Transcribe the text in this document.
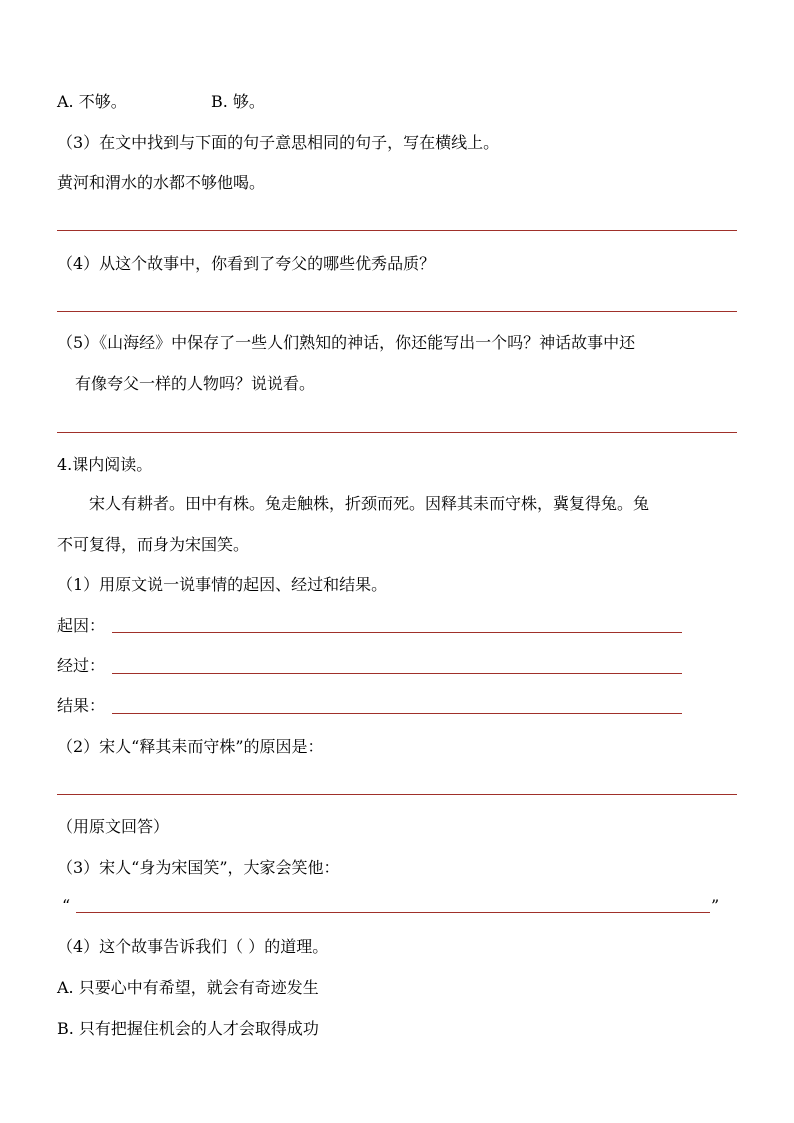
A. 不够。	B. 够。
（3）在文中找到与下面的句子意思相同的句子，写在横线上。
黄河和渭水的水都不够他喝。
（4）从这个故事中，你看到了夸父的哪些优秀品质？
（5）《山海经》中保存了一些人们熟知的神话，你还能写出一个吗？神话故事中还
有像夸父一样的人物吗？说说看。
4.课内阅读。
宋人有耕者。田中有株。兔走触株，折颈而死。因释其耒而守株，冀复得兔。兔
不可复得，而身为宋国笑。
（1）用原文说一说事情的起因、经过和结果。
起因：
经过：
结果：
（2）宋人“释其耒而守株”的原因是：
（用原文回答）
（3）宋人“身为宋国笑”，大家会笑他：
“	”
（4）这个故事告诉我们（ ）的道理。
A. 只要心中有希望，就会有奇迹发生
B. 只有把握住机会的人才会取得成功
